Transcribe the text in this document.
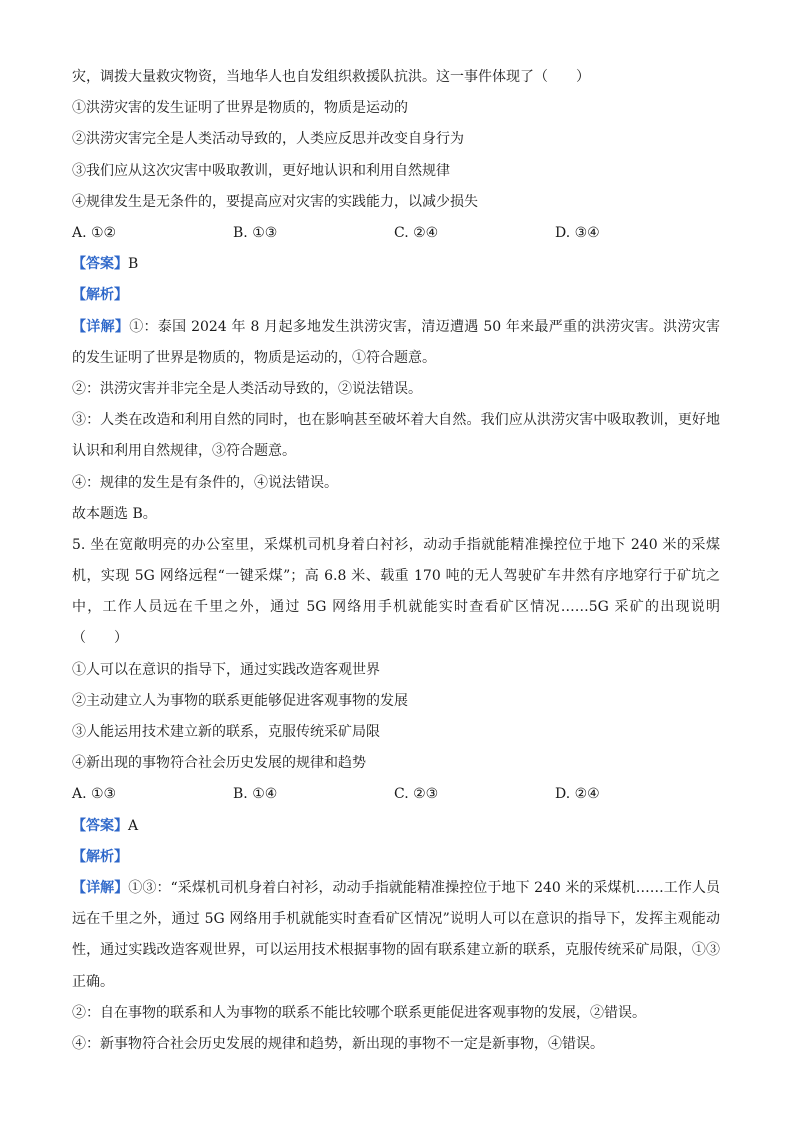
灾，调拨大量救灾物资，当地华人也自发组织救援队抗洪。这一事件体现了（　　）
①洪涝灾害的发生证明了世界是物质的，物质是运动的
②洪涝灾害完全是人类活动导致的，人类应反思并改变自身行为
③我们应从这次灾害中吸取教训，更好地认识和利用自然规律
④规律发生是无条件的，要提高应对灾害的实践能力，以减少损失
A. ①②	B. ①③	C. ②④	D. ③④
【答案】B
【解析】
【详解】①：泰国 2024 年 8 月起多地发生洪涝灾害，清迈遭遇 50 年来最严重的洪涝灾害。洪涝灾害的发生证明了世界是物质的，物质是运动的，①符合题意。
②：洪涝灾害并非完全是人类活动导致的，②说法错误。
③：人类在改造和利用自然的同时，也在影响甚至破坏着大自然。我们应从洪涝灾害中吸取教训，更好地认识和利用自然规律，③符合题意。
④：规律的发生是有条件的，④说法错误。
故本题选 B。
5. 坐在宽敞明亮的办公室里，采煤机司机身着白衬衫，动动手指就能精准操控位于地下 240 米的采煤机，实现 5G 网络远程“一键采煤”；高 6.8 米、载重 170 吨的无人驾驶矿车井然有序地穿行于矿坑之中，工作人员远在千里之外，通过 5G 网络用手机就能实时查看矿区情况……5G 采矿的出现说明（　　）
①人可以在意识的指导下，通过实践改造客观世界
②主动建立人为事物的联系更能够促进客观事物的发展
③人能运用技术建立新的联系，克服传统采矿局限
④新出现的事物符合社会历史发展的规律和趋势
A. ①③	B. ①④	C. ②③	D. ②④
【答案】A
【解析】
【详解】①③：“采煤机司机身着白衬衫，动动手指就能精准操控位于地下 240 米的采煤机……工作人员远在千里之外，通过 5G 网络用手机就能实时查看矿区情况”说明人可以在意识的指导下，发挥主观能动性，通过实践改造客观世界，可以运用技术根据事物的固有联系建立新的联系，克服传统采矿局限，①③正确。
②：自在事物的联系和人为事物的联系不能比较哪个联系更能促进客观事物的发展，②错误。
④：新事物符合社会历史发展的规律和趋势，新出现的事物不一定是新事物，④错误。
